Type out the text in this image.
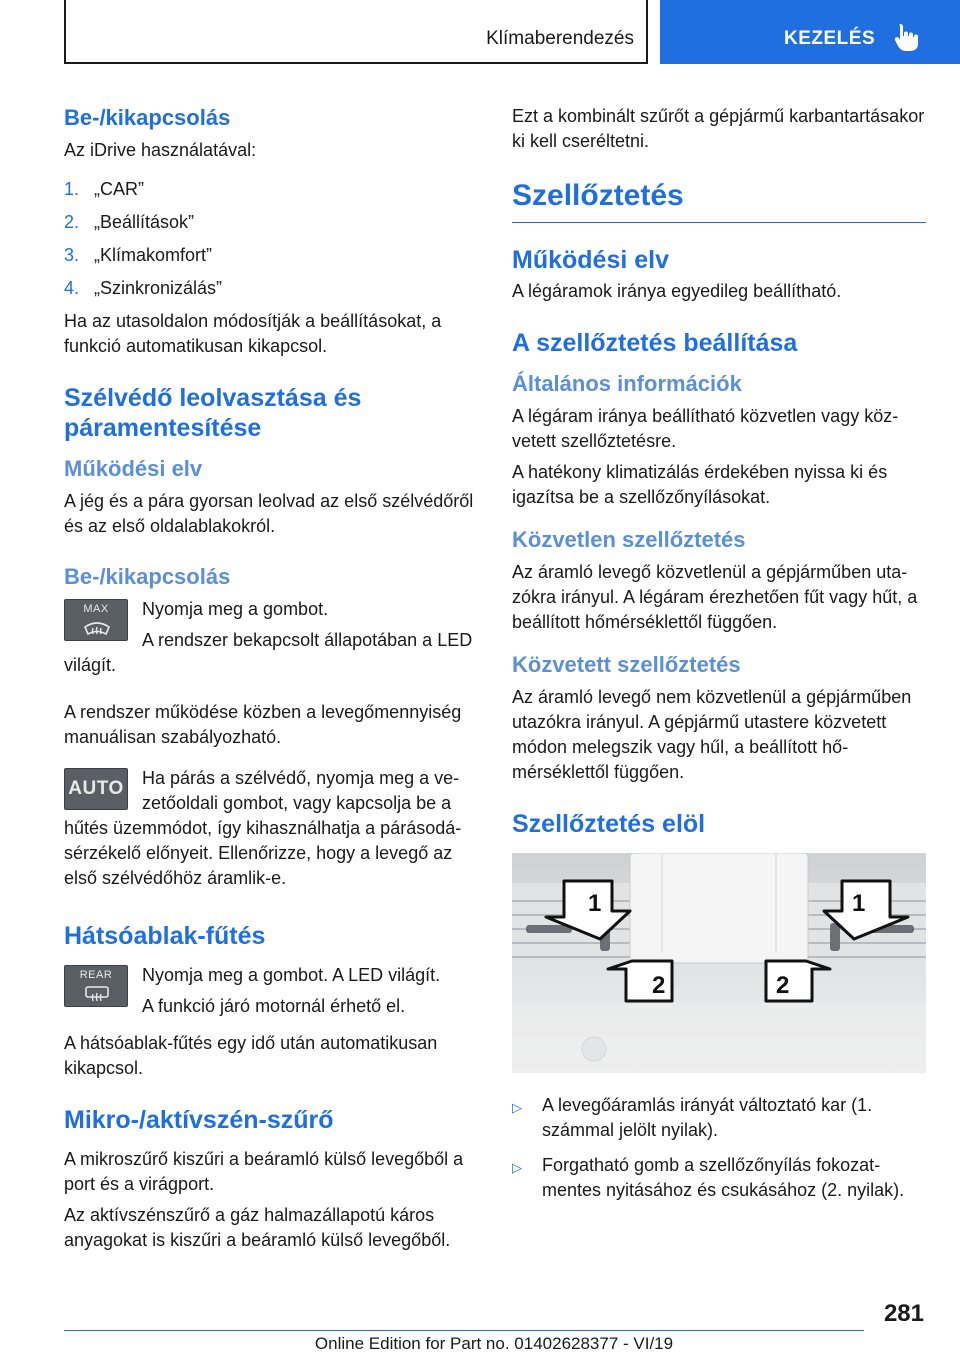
Klímaberendezés	KEZELÉS
Be-/kikapcsolás

Az iDrive használatával:

1. „CAR”
2. „Beállítások”
3. „Klímakomfort”
4. „Szinkronizálás”

Ha az utasoldalon módosítják a beállításokat, a funkció automatikusan kikapcsol.

Szélvédő leolvasztása és páramentesítése
Működési elv

A jég és a pára gyorsan leolvad az első szélvédőről és az első oldalablakokról.

Be-/kikapcsolás
MAX	Nyomja meg a gombot.

A rendszer bekapcsolt állapotában a LED világít.

A rendszer működése közben a levegőmennyiség manuálisan szabályozható.

AUTO	Ha párás a szélvédő, nyomja meg a vezetőoldali gombot, vagy kapcsolja be a hűtés üzemmódot, így kihasználhatja a párásodásérzékelő előnyeit. Ellenőrizze, hogy a levegő az első szélvédőhöz áramlik-e.

Hátsóablak-fűtés
REAR	Nyomja meg a gombot. A LED világít.

A funkció járó motornál érhető el.

A hátsóablak-fűtés egy idő után automatikusan kikapcsol.

Mikro-/aktívszén-szűrő

A mikroszűrő kiszűri a beáramló külső levegőből a port és a virágport.

Az aktívszénszűrő a gáz halmazállapotú káros anyagokat is kiszűri a beáramló külső levegőből.

Ezt a kombinált szűrőt a gépjármű karbantartásakor ki kell cseréltetni.

Szellőztetés
Működési elv

A légáramok iránya egyedileg beállítható.

A szellőztetés beállítása
Általános információk

A légáram iránya beállítható közvetlen vagy közvetett szellőztetésre.

A hatékony klimatizálás érdekében nyissa ki és igazítsa be a szellőzőnyílásokat.

Közvetlen szellőztetés

Az áramló levegő közvetlenül a gépjárműben utazókra irányul. A légáram érezhetően fűt vagy hűt, a beállított hőmérséklettől függően.

Közvetett szellőztetés

Az áramló levegő nem közvetlenül a gépjárműben utazókra irányul. A gépjármű utastere közvetett módon melegszik vagy hűl, a beállított hőmérséklettől függően.

Szellőztetés elöl
1
2	2
1
▷	A levegőáramlás irányát változtató kar (1. számmal jelölt nyilak).
▷	Forgatható gomb a szellőzőnyílás fokozatmentes nyitásához és csukásához (2. nyilak).
281
Online Edition for Part no. 01402628377 - VI/19
